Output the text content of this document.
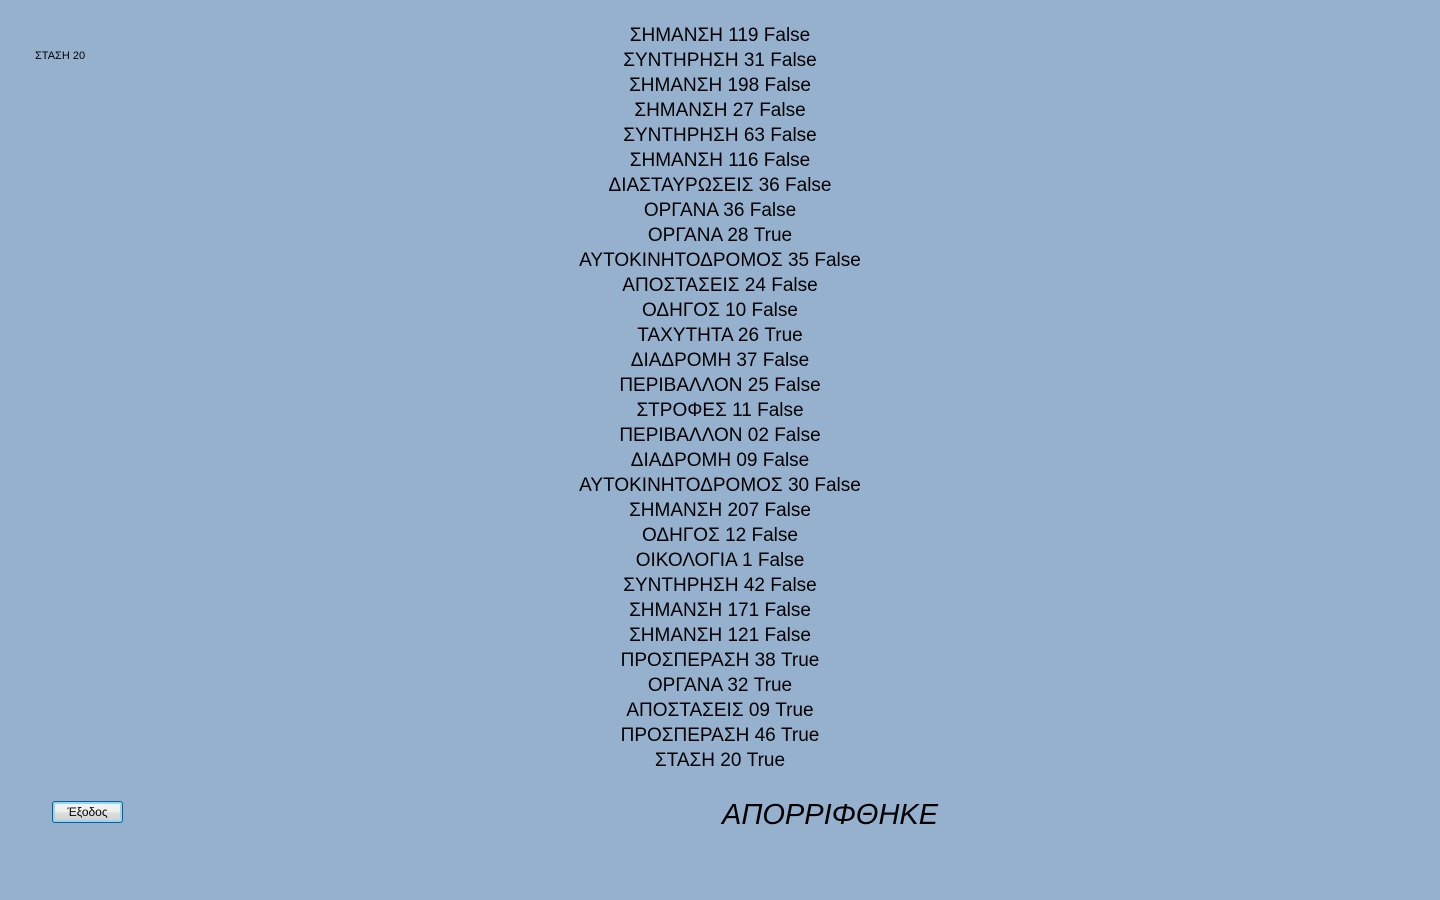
ΣΤΑΣΗ 20
ΣΗΜΑΝΣΗ 119 False
ΣΥΝΤΗΡΗΣΗ 31 False
ΣΗΜΑΝΣΗ 198 False
ΣΗΜΑΝΣΗ 27 False
ΣΥΝΤΗΡΗΣΗ 63 False
ΣΗΜΑΝΣΗ 116 False
ΔΙΑΣΤΑΥΡΩΣΕΙΣ 36 False
ΟΡΓΑΝΑ 36 False
ΟΡΓΑΝΑ 28 True
ΑΥΤΟΚΙΝΗΤΟΔΡΟΜΟΣ 35 False
ΑΠΟΣΤΑΣΕΙΣ 24 False
ΟΔΗΓΟΣ 10 False
ΤΑΧΥΤΗΤΑ 26 True
ΔΙΑΔΡΟΜΗ 37 False
ΠΕΡΙΒΑΛΛΟΝ 25 False
ΣΤΡΟΦΕΣ 11 False
ΠΕΡΙΒΑΛΛΟΝ 02 False
ΔΙΑΔΡΟΜΗ 09 False
ΑΥΤΟΚΙΝΗΤΟΔΡΟΜΟΣ 30 False
ΣΗΜΑΝΣΗ 207 False
ΟΔΗΓΟΣ 12 False
ΟΙΚΟΛΟΓΙΑ 1 False
ΣΥΝΤΗΡΗΣΗ 42 False
ΣΗΜΑΝΣΗ 171 False
ΣΗΜΑΝΣΗ 121 False
ΠΡΟΣΠΕΡΑΣΗ 38 True
ΟΡΓΑΝΑ 32 True
ΑΠΟΣΤΑΣΕΙΣ 09 True
ΠΡΟΣΠΕΡΑΣΗ 46 True
ΣΤΑΣΗ 20 True
Έξοδος	ΑΠΟΡΡΙΦΘΗΚΕ
